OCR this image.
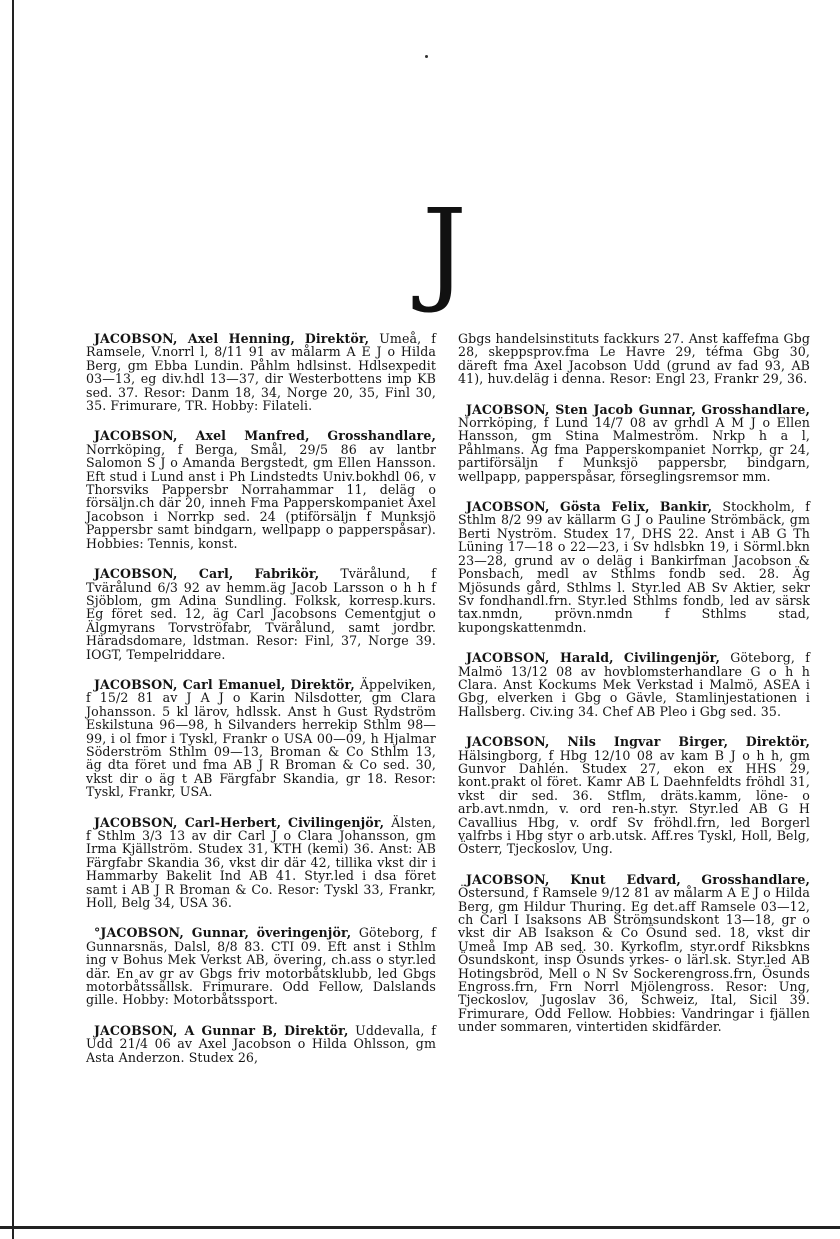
J

JACOBSON, Axel Henning, Direktör, Umeå, f Ramsele, V.norrl l, 8/11 91 av målarm A E J o Hilda Berg, gm Ebba Lundin. Påhlm hdlsinst. Hdlsexpedit 03—13, eg div.hdl 13—37, dir Westerbottens imp KB sed. 37. Resor: Danm 18, 34, Norge 20, 35, Finl 30, 35. Frimurare, TR. Hobby: Filateli.

JACOBSON, Axel Manfred, Grosshandlare, Norrköping, f Berga, Smål, 29/5 86 av lantbr Salomon S J o Amanda Bergstedt, gm Ellen Hansson. Eft stud i Lund anst i Ph Lindstedts Univ.bokhdl 06, v Thorsviks Pappersbr Norrahammar 11, deläg o försäljn.ch där 20, inneh Fma Papperskompaniet Axel Jacobson i Norrkp sed. 24 (ptiförsäljn f Munksjö Pappersbr samt bindgarn, wellpapp o papperspåsar). Hobbies: Tennis, konst.

JACOBSON, Carl, Fabrikör, Tvärålund, f Tvärålund 6/3 92 av hemm.äg Jacob Larsson o h h f Sjöblom, gm Adina Sundling. Folksk, korresp.kurs. Eg föret sed. 12, äg Carl Jacobsons Cementgjut o Älgmyrans Torvströfabr, Tvärålund, samt jordbr. Häradsdomare, ldstman. Resor: Finl, 37, Norge 39. IOGT, Tempelriddare.

JACOBSON, Carl Emanuel, Direktör, Äppelviken, f 15/2 81 av J A J o Karin Nilsdotter, gm Clara Johansson. 5 kl lärov, hdlssk. Anst h Gust Rydström Eskilstuna 96—98, h Silvanders herrekip Sthlm 98—99, i ol fmor i Tyskl, Frankr o USA 00—09, h Hjalmar Söderström Sthlm 09—13, Broman & Co Sthlm 13, äg dta föret und fma AB J R Broman & Co sed. 30, vkst dir o äg t AB Färgfabr Skandia, gr 18. Resor: Tyskl, Frankr, USA.

JACOBSON, Carl-Herbert, Civilingenjör, Älsten, f Sthlm 3/3 13 av dir Carl J o Clara Johansson, gm Irma Kjällström. Studex 31, KTH (kemi) 36. Anst: AB Färgfabr Skandia 36, vkst dir där 42, tillika vkst dir i Hammarby Bakelit Ind AB 41. Styr.led i dsa föret samt i AB J R Broman & Co. Resor: Tyskl 33, Frankr, Holl, Belg 34, USA 36.

°JACOBSON, Gunnar, överingenjör, Göteborg, f Gunnarsnäs, Dalsl, 8/8 83. CTI 09. Eft anst i Sthlm ing v Bohus Mek Verkst AB, övering, ch.ass o styr.led där. En av gr av Gbgs friv motorbåtsklubb, led Gbgs motorbåtssällsk. Frimurare. Odd Fellow, Dalslands gille. Hobby: Motorbåtssport.

JACOBSON, A Gunnar B, Direktör, Uddevalla, f Udd 21/4 06 av Axel Jacobson o Hilda Ohlsson, gm Asta Anderzon. Studex 26,

Gbgs handelsinstituts fackkurs 27. Anst kaffefma Gbg 28, skeppsprov.fma Le Havre 29, téfma Gbg 30, däreft fma Axel Jacobson Udd (grund av fad 93, AB 41), huv.deläg i denna. Resor: Engl 23, Frankr 29, 36.

JACOBSON, Sten Jacob Gunnar, Grosshandlare, Norrköping, f Lund 14/7 08 av grhdl A M J o Ellen Hansson, gm Stina Malmeström. Nrkp h a l, Påhlmans. Äg fma Papperskompaniet Norrkp, gr 24, partiförsäljn f Munksjö pappersbr, bindgarn, wellpapp, papperspåsar, förseglingsremsor mm.

JACOBSON, Gösta Felix, Bankir, Stockholm, f Sthlm 8/2 99 av källarm G J o Pauline Strömbäck, gm Berti Nyström. Studex 17, DHS 22. Anst i AB G Th Lüning 17—18 o 22—23, i Sv hdlsbkn 19, i Sörml.bkn 23—28, grund av o deläg i Bankirfman Jacobson & Ponsbach, medl av Sthlms fondb sed. 28. Äg Mjösunds gård, Sthlms l. Styr.led AB Sv Aktier, sekr Sv fondhandl.frn. Styr.led Sthlms fondb, led av särsk tax.nmdn, prövn.nmdn f Sthlms stad, kupongskattenmdn.

JACOBSON, Harald, Civilingenjör, Göteborg, f Malmö 13/12 08 av hovblomsterhandlare G o h h Clara. Anst Kockums Mek Verkstad i Malmö, ASEA i Gbg, elverken i Gbg o Gävle, Stamlinjestationen i Hallsberg. Civ.ing 34. Chef AB Pleo i Gbg sed. 35.

JACOBSON, Nils Ingvar Birger, Direktör, Hälsingborg, f Hbg 12/10 08 av kam B J o h h, gm Gunvor Dahlén. Studex 27, ekon ex HHS 29, kont.prakt ol föret. Kamr AB L Daehnfeldts fröhdl 31, vkst dir sed. 36. Stflm, dräts.kamm, löne- o arb.avt.nmdn, v. ord ren-h.styr. Styr.led AB G H Cavallius Hbg, v. ordf Sv fröhdl.frn, led Borgerl valfrbs i Hbg styr o arb.utsk. Aff.res Tyskl, Holl, Belg, Österr, Tjeckoslov, Ung.

JACOBSON, Knut Edvard, Grosshandlare, Östersund, f Ramsele 9/12 81 av målarm A E J o Hilda Berg, gm Hildur Thuring. Eg det.aff Ramsele 03—12, ch Carl I Isaksons AB Strömsundskont 13—18, gr o vkst dir AB Isakson & Co Ösund sed. 18, vkst dir Umeå Imp AB sed. 30. Kyrkoflm, styr.ordf Riksbkns Ösundskont, insp Ösunds yrkes- o lärl.sk. Styr.led AB Hotingsbröd, Mell o N Sv Sockerengross.frn, Ösunds Engross.frn, Frn Norrl Mjölengross. Resor: Ung, Tjeckoslov, Jugoslav 36, Schweiz, Ital, Sicil 39. Frimurare, Odd Fellow. Hobbies: Vandringar i fjällen under sommaren, vintertiden skidfärder.
